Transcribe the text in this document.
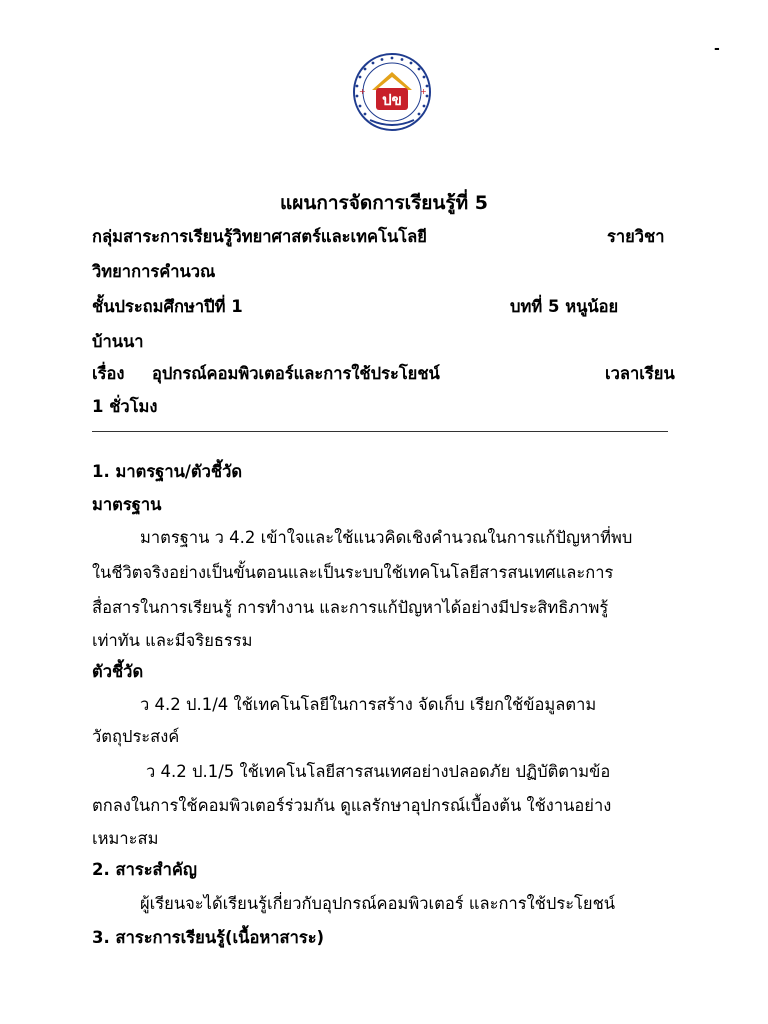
-
+	+
ปข
แผนการจัดการเรียนรู้ที่ 5
กลุ่มสาระการเรียนรู้วิทยาศาสตร์และเทคโนโลยี	รายวิชา
วิทยาการคำนวณ
ชั้นประถมศึกษาปีที่ 1	บทที่ 5 หนูน้อย
บ้านนา
เรื่อง อุปกรณ์คอมพิวเตอร์และการใช้ประโยชน์	เวลาเรียน
1 ชั่วโมง
1. มาตรฐาน/ตัวชี้วัด
มาตรฐาน
มาตรฐาน ว 4.2 เข้าใจและใช้แนวคิดเชิงคำนวณในการแก้ปัญหาที่พบ
ในชีวิตจริงอย่างเป็นขั้นตอนและเป็นระบบใช้เทคโนโลยีสารสนเทศและการ
สื่อสารในการเรียนรู้ การทำงาน และการแก้ปัญหาได้อย่างมีประสิทธิภาพรู้
เท่าทัน และมีจริยธรรม
ตัวชี้วัด
ว 4.2 ป.1/4 ใช้เทคโนโลยีในการสร้าง จัดเก็บ เรียกใช้ข้อมูลตาม
วัตถุประสงค์
ว 4.2 ป.1/5 ใช้เทคโนโลยีสารสนเทศอย่างปลอดภัย ปฏิบัติตามข้อ
ตกลงในการใช้คอมพิวเตอร์ร่วมกัน ดูแลรักษาอุปกรณ์เบื้องต้น ใช้งานอย่าง
เหมาะสม
2. สาระสำคัญ
ผู้เรียนจะได้เรียนรู้เกี่ยวกับอุปกรณ์คอมพิวเตอร์ และการใช้ประโยชน์
3. สาระการเรียนรู้(เนื้อหาสาระ)
